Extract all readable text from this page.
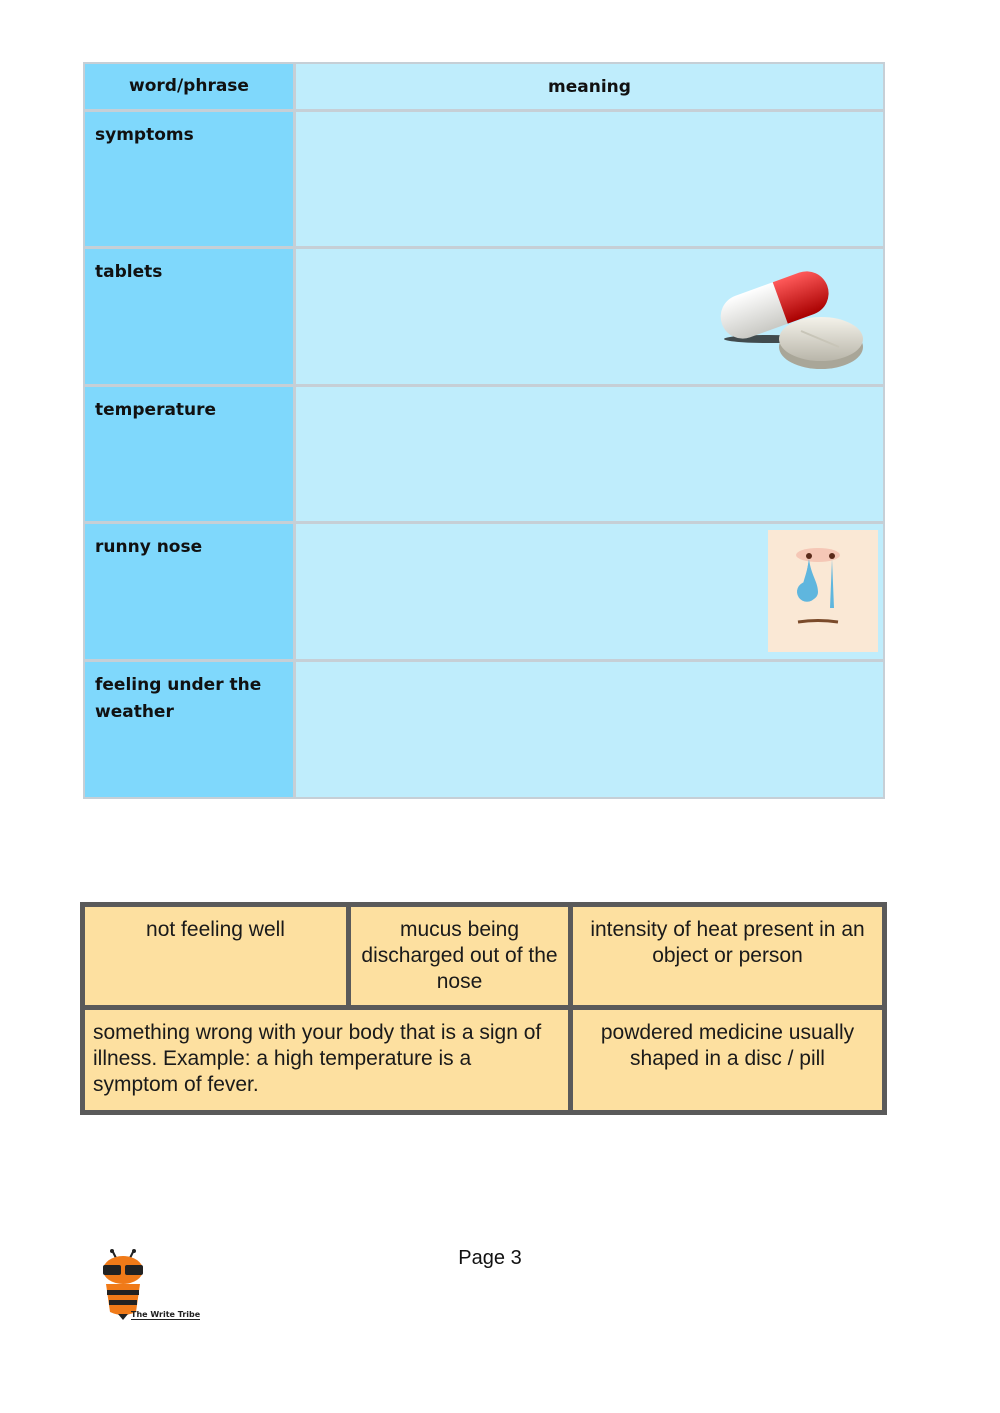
word/phrase	meaning
symptoms
tablets
temperature
runny nose
feeling under the weather
not feeling well	mucus being discharged out of the nose
intensity of heat present in an object or person
something wrong with your body that is a sign of illness. Example: a high temperature is a symptom of fever.
powdered medicine usually shaped in a disc / pill
Page 3
The Write Tribe
